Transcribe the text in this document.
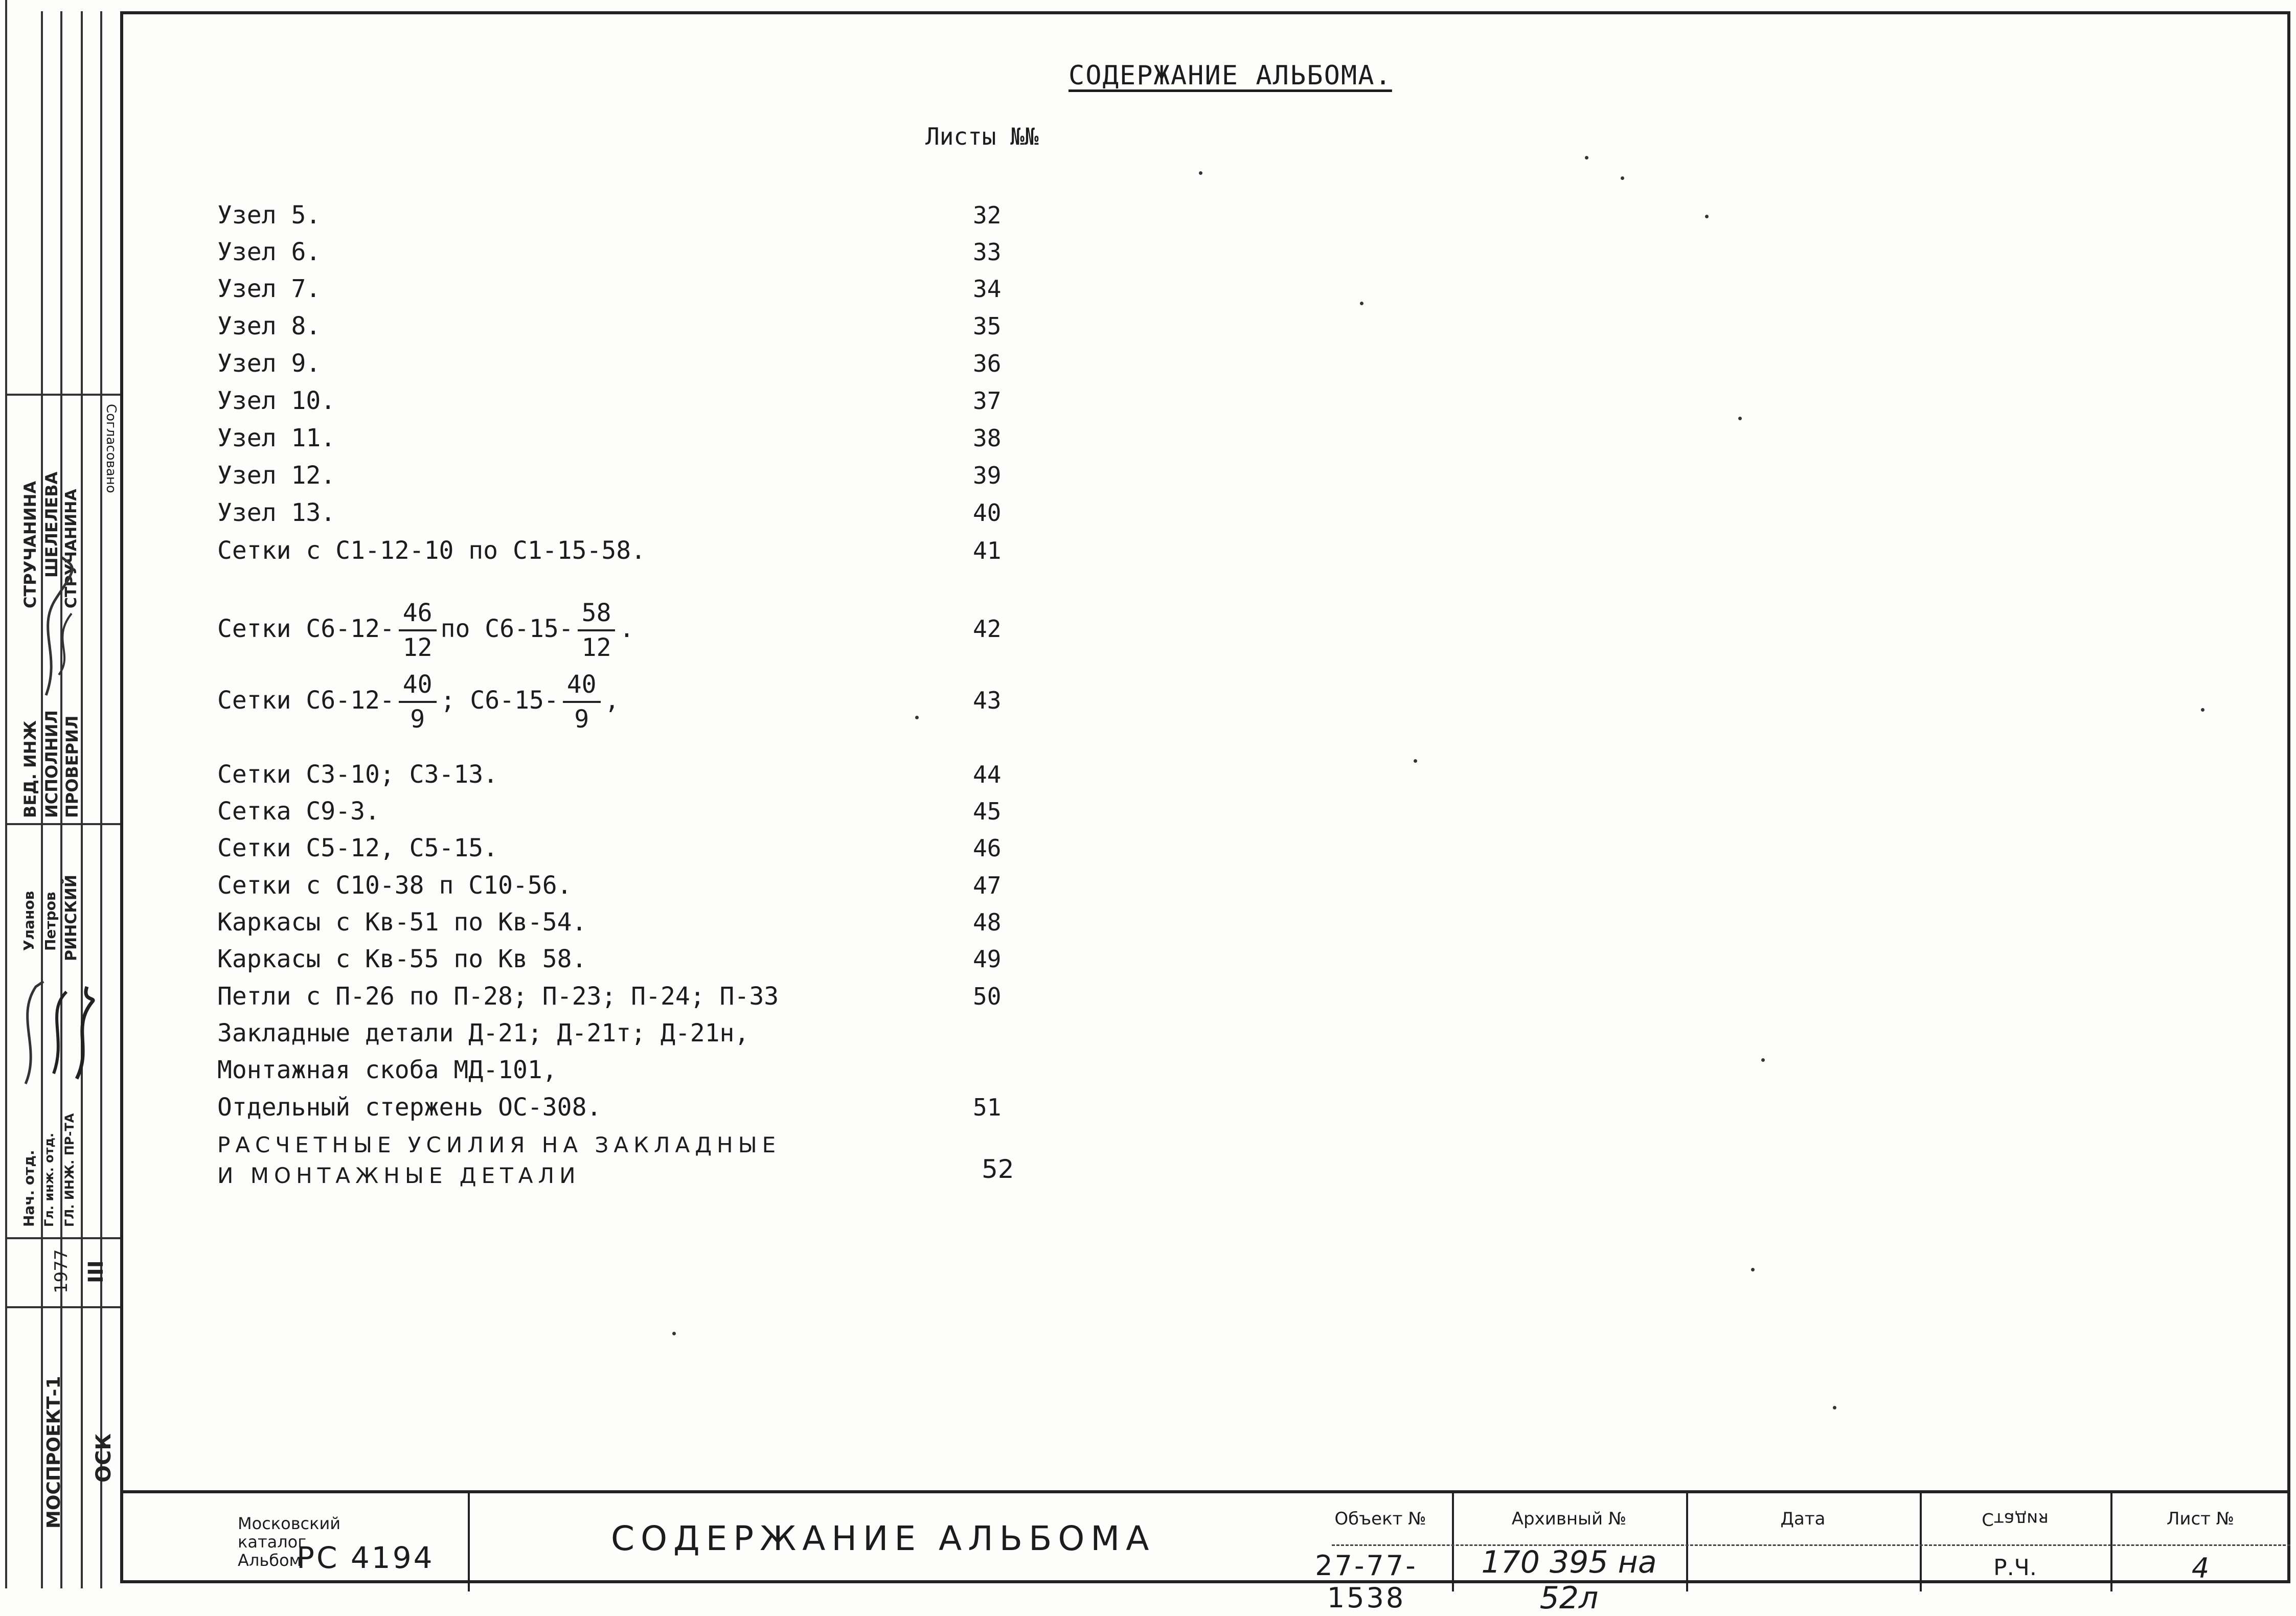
СОДЕРЖАНИЕ АЛЬБОМА.
Листы №№
Узел 5.	32
Узел 6.	33
Узел 7.	34
Узел 8.	35
Узел 9.	36
Узел 10.	37
Узел 11.	38
Узел 12.	39
Узел 13.	40
Сетки с С1-12-10 по С1-15-58.	41
Сетки $С6-12- \frac{46}{12}$ по $С6-15- \frac{58}{12}$ .	42
Сетки $С6-12- \frac{40}{9}$ ; $С6-15- \frac{40}{9}$ ,	43
Сетки С3-10; С3-13.	44
Сетка С9-3.	45
Сетки С5-12, С5-15.	46
Сетки с С10-38 п С10-56.	47
Каркасы с Кв-51 по Кв-54.	48
Каркасы с Кв-55 по Кв 58.	49
Петли с П-26 по П-28; П-23; П-24; П-33	50
Закладные детали Д-21; Д-21т; Д-21н,
Монтажная скоба МД-101,
Отдельный стержень ОС-308.	51
РАСЧЕТНЫЕ УСИЛИЯ НА ЗАКЛАДНЫЕ
И МОНТАЖНЫЕ ДЕТАЛИ	52
Согласовано
СТРУЧАНИНА ШЕЛЕЛЕВА СТРУЧАНИНА
ВЕД. ИНЖ ИСПОЛНИЛ ПРОВЕРИЛ
Уланов Петров РИНСКИЙ
Нач. отд. Гл. инж. отд. ГЛ. ИНЖ. ПР-ТА
1977 III
МОСПРОЕКТ-1 ОСК
Московский
каталог
Альбом
РС 4194	СОДЕРЖАНИЕ АЛЬБОМА	Объект №
27-77-1538
Архивный №
170 395 на 52л
Дата	Стадия
Р.Ч.
Лист №
4
